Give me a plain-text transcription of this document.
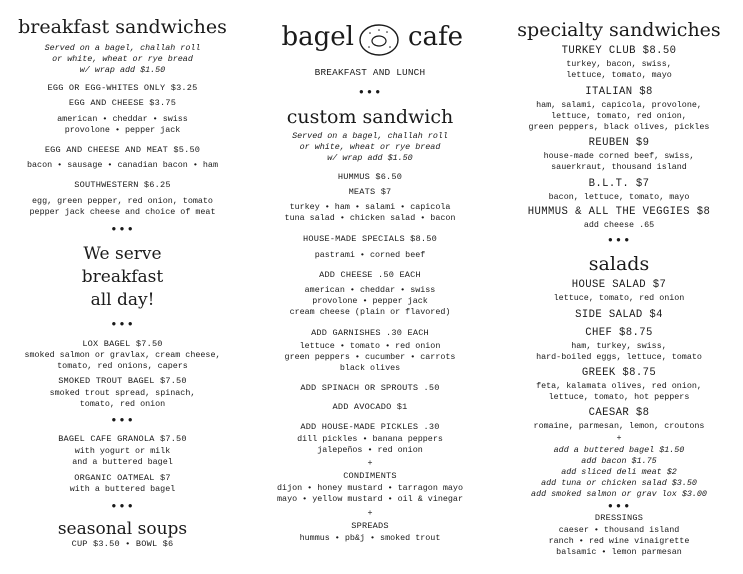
breakfast sandwiches
Served on a bagel, challah roll
or white, wheat or rye bread
w/ wrap add $1.50
EGG OR EGG-WHITES ONLY $3.25
EGG AND CHEESE $3.75
american • cheddar • swiss
provolone • pepper jack
EGG AND CHEESE AND MEAT $5.50
bacon • sausage • canadian bacon • ham
SOUTHWESTERN $6.25
egg, green pepper, red onion, tomato
pepper jack cheese and choice of meat
•••
We serve
breakfast
all day!
•••
LOX BAGEL $7.50
smoked salmon or gravlax, cream cheese,
tomato, red onions, capers
SMOKED TROUT BAGEL $7.50
smoked trout spread, spinach,
tomato, red onion
•••
BAGEL CAFE GRANOLA $7.50
with yogurt or milk
and a buttered bagel
ORGANIC OATMEAL $7
with a buttered bagel
•••
seasonal soups
CUP $3.50 • BOWL $6
bagel cafe
BREAKFAST AND LUNCH
•••
custom sandwich
Served on a bagel, challah roll
or white, wheat or rye bread
w/ wrap add $1.50
HUMMUS $6.50
MEATS $7
turkey • ham • salami • capicola
tuna salad • chicken salad • bacon
HOUSE-MADE SPECIALS $8.50
pastrami • corned beef
ADD CHEESE .50 EACH
american • cheddar • swiss
provolone • pepper jack
cream cheese (plain or flavored)
ADD GARNISHES .30 EACH
lettuce • tomato • red onion
green peppers • cucumber • carrots
black olives
ADD SPINACH OR SPROUTS .50
ADD AVOCADO $1
ADD HOUSE-MADE PICKLES .30
dill pickles • banana peppers
jalepeños • red onion
+
CONDIMENTS
dijon • honey mustard • tarragon mayo
mayo • yellow mustard • oil & vinegar
+
SPREADS
hummus • pb&j • smoked trout
specialty sandwiches
TURKEY CLUB $8.50
turkey, bacon, swiss,
lettuce, tomato, mayo
ITALIAN $8
ham, salami, capicola, provolone,
lettuce, tomato, red onion,
green peppers, black olives, pickles
REUBEN $9
house-made corned beef, swiss,
sauerkraut, thousand island
B.L.T. $7
bacon, lettuce, tomato, mayo
HUMMUS & ALL THE VEGGIES $8
add cheese .65
•••
salads
HOUSE SALAD $7
lettuce, tomato, red onion
SIDE SALAD $4
CHEF $8.75
ham, turkey, swiss,
hard-boiled eggs, lettuce, tomato
GREEK $8.75
feta, kalamata olives, red onion,
lettuce, tomato, hot peppers
CAESAR $8
romaine, parmesan, lemon, croutons
+
add a buttered bagel $1.50
add bacon $1.75
add sliced deli meat $2
add tuna or chicken salad $3.50
add smoked salmon or grav lox $3.00
•••
DRESSINGS
caeser • thousand island
ranch • red wine vinaigrette
balsamic • lemon parmesan
